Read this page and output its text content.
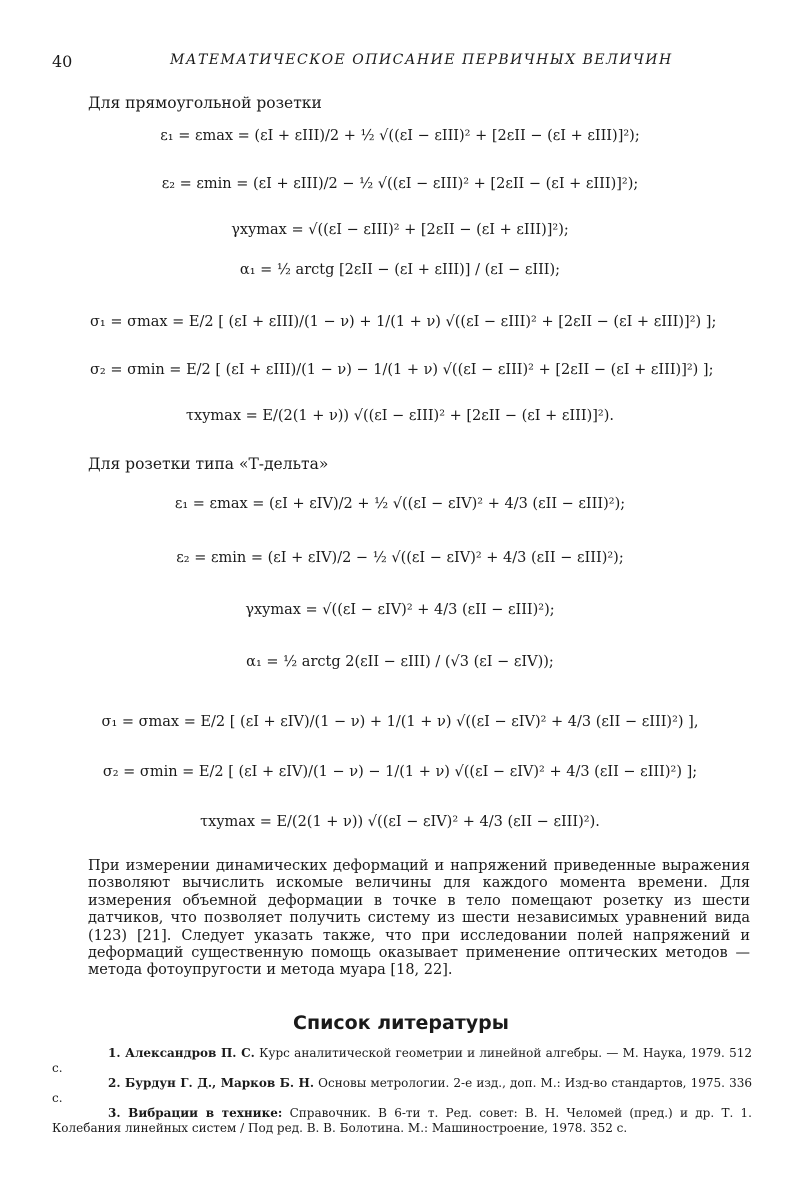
40	МАТЕМАТИЧЕСКОЕ ОПИСАНИЕ ПЕРВИЧНЫХ ВЕЛИЧИН
Для прямоугольной розетки
ε₁ = εmax = (εI + εIII)/2 + ½ √((εI − εIII)² + [2εII − (εI + εIII)]²);
ε₂ = εmin = (εI + εIII)/2 − ½ √((εI − εIII)² + [2εII − (εI + εIII)]²);
γxymax = √((εI − εIII)² + [2εII − (εI + εIII)]²);
α₁ = ½ arctg [2εII − (εI + εIII)] / (εI − εIII);
σ₁ = σmax = E/2 [ (εI + εIII)/(1 − ν) + 1/(1 + ν) √((εI − εIII)² + [2εII − (εI + εIII)]²) ];
σ₂ = σmin = E/2 [ (εI + εIII)/(1 − ν) − 1/(1 + ν) √((εI − εIII)² + [2εII − (εI + εIII)]²) ];
τxymax = E/(2(1 + ν)) √((εI − εIII)² + [2εII − (εI + εIII)]²).
Для розетки типа «Т-дельта»
ε₁ = εmax = (εI + εIV)/2 + ½ √((εI − εIV)² + 4/3 (εII − εIII)²);
ε₂ = εmin = (εI + εIV)/2 − ½ √((εI − εIV)² + 4/3 (εII − εIII)²);
γxymax = √((εI − εIV)² + 4/3 (εII − εIII)²);
α₁ = ½ arctg 2(εII − εIII) / (√3 (εI − εIV));
σ₁ = σmax = E/2 [ (εI + εIV)/(1 − ν) + 1/(1 + ν) √((εI − εIV)² + 4/3 (εII − εIII)²) ],
σ₂ = σmin = E/2 [ (εI + εIV)/(1 − ν) − 1/(1 + ν) √((εI − εIV)² + 4/3 (εII − εIII)²) ];
τxymax = E/(2(1 + ν)) √((εI − εIV)² + 4/3 (εII − εIII)²).
При измерении динамических деформаций и напряжений приведенные выражения позволяют вычислить искомые величины для каждого момента времени. Для измерения объемной деформации в точке в тело помещают розетку из шести датчиков, что позволяет получить систему из шести независимых уравнений вида (123) [21]. Следует указать также, что при исследовании полей напряжений и деформаций существенную помощь оказывает применение оптических методов — метода фотоупругости и метода муара [18, 22].
Список литературы

1. Александров П. С. Курс аналитической геометрии и линейной алгебры. — М. Наука, 1979. 512 с.

2. Бурдун Г. Д., Марков Б. Н. Основы метрологии. 2-е изд., доп. М.: Изд-во стандартов, 1975. 336 с.

3. Вибрации в технике: Справочник. В 6-ти т. Ред. совет: В. Н. Челомей (пред.) и др. Т. 1. Колебания линейных систем / Под ред. В. В. Болотина. М.: Машиностроение, 1978. 352 с.
